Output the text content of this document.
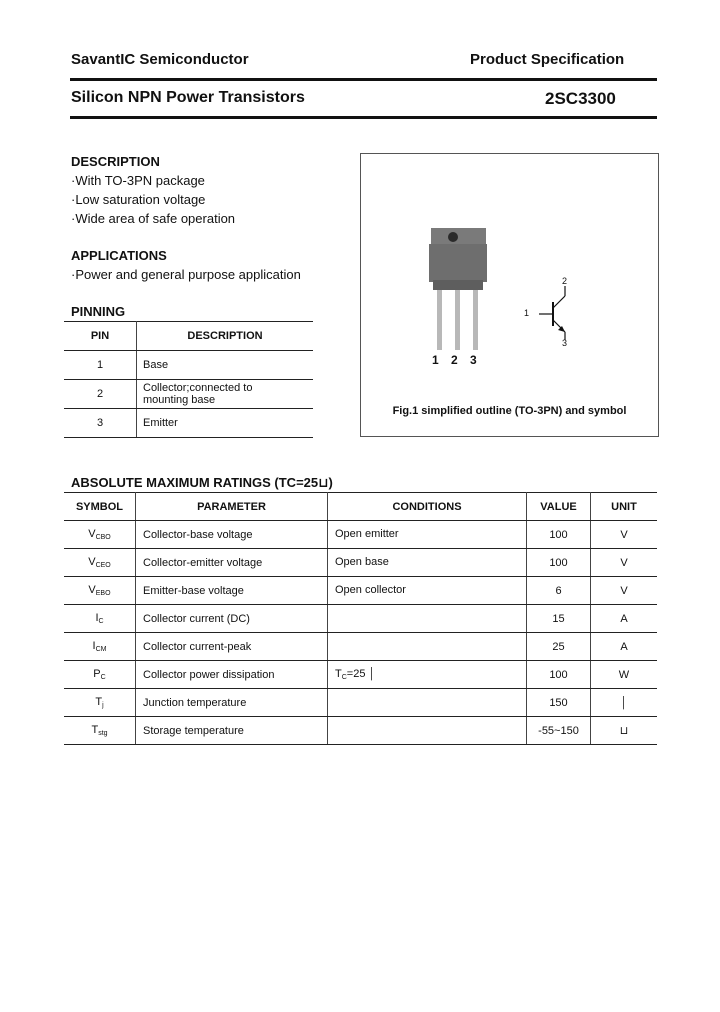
SavantIC Semiconductor	Product Specification
Silicon NPN Power Transistors	2SC3300
DESCRIPTION
·With TO-3PN package
·Low saturation voltage
·Wide area of safe operation
APPLICATIONS
·Power and general purpose application
PINNING
PIN	DESCRIPTION
1	Base
2	Collector;connected to
mounting base

3	Emitter
1 2 3
1
2
3
Fig.1 simplified outline (TO-3PN) and symbol
ABSOLUTE MAXIMUM RATINGS (TC=25⊔)
SYMBOL	PARAMETER	CONDITIONS	VALUE	UNIT
VCBO	Collector-base voltage	Open emitter	100	V
VCEO	Collector-emitter voltage	Open base	100	V
VEBO	Emitter-base voltage	Open collector	6	V
IC	Collector current (DC)		15	A
ICM	Collector current-peak		25	A
PC	Collector power dissipation	TC=25 │	100	W
Tj	Junction temperature		150	│
Tstg	Storage temperature		-55~150	⊔
